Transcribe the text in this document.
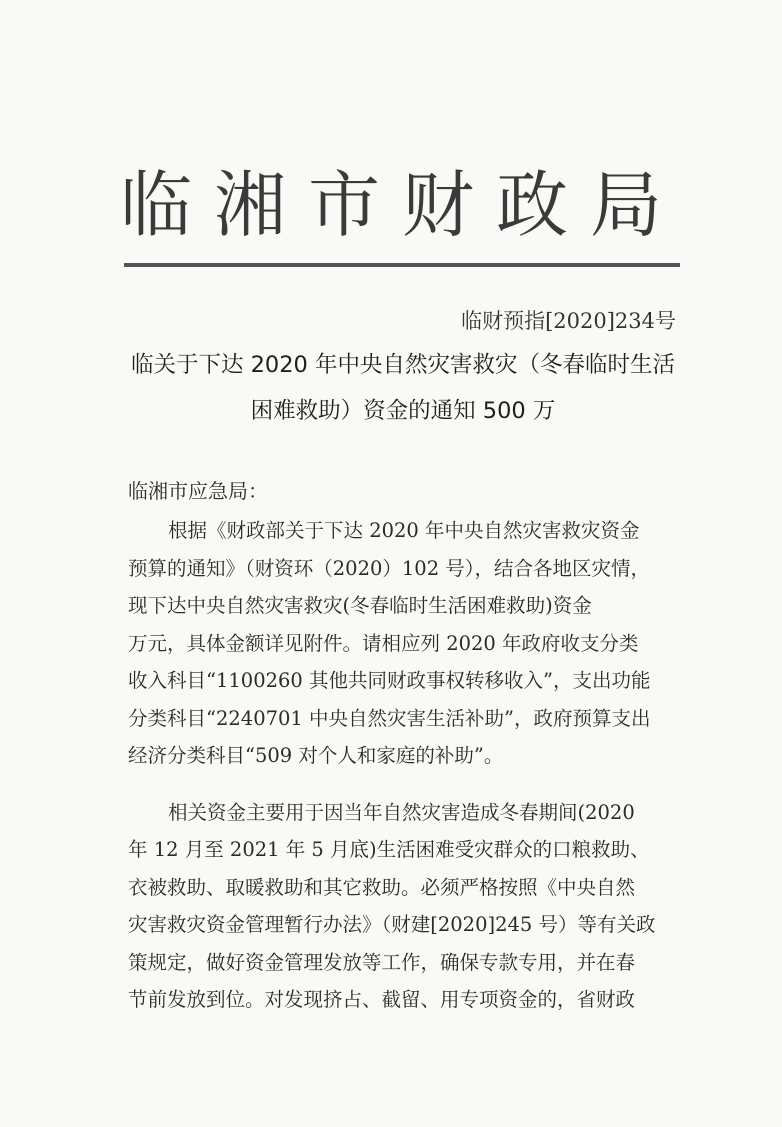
临湘市财政局
临财预指[2020]234号
临关于下达 2020 年中央自然灾害救灾（冬春临时生活
困难救助）资金的通知 500 万
临湘市应急局：
根据《财政部关于下达 2020 年中央自然灾害救灾资金
预算的通知》（财资环（2020）102 号），结合各地区灾情，
现下达中央自然灾害救灾(冬春临时生活困难救助)资金
万元，具体金额详见附件。请相应列 2020 年政府收支分类
收入科目“1100260 其他共同财政事权转移收入”，支出功能
分类科目“2240701 中央自然灾害生活补助”，政府预算支出
经济分类科目“509 对个人和家庭的补助”。
相关资金主要用于因当年自然灾害造成冬春期间(2020
年 12 月至 2021 年 5 月底)生活困难受灾群众的口粮救助、
衣被救助、取暖救助和其它救助。必须严格按照《中央自然
灾害救灾资金管理暂行办法》（财建[2020]245 号）等有关政
策规定，做好资金管理发放等工作，确保专款专用，并在春
节前发放到位。对发现挤占、截留、用专项资金的，省财政
